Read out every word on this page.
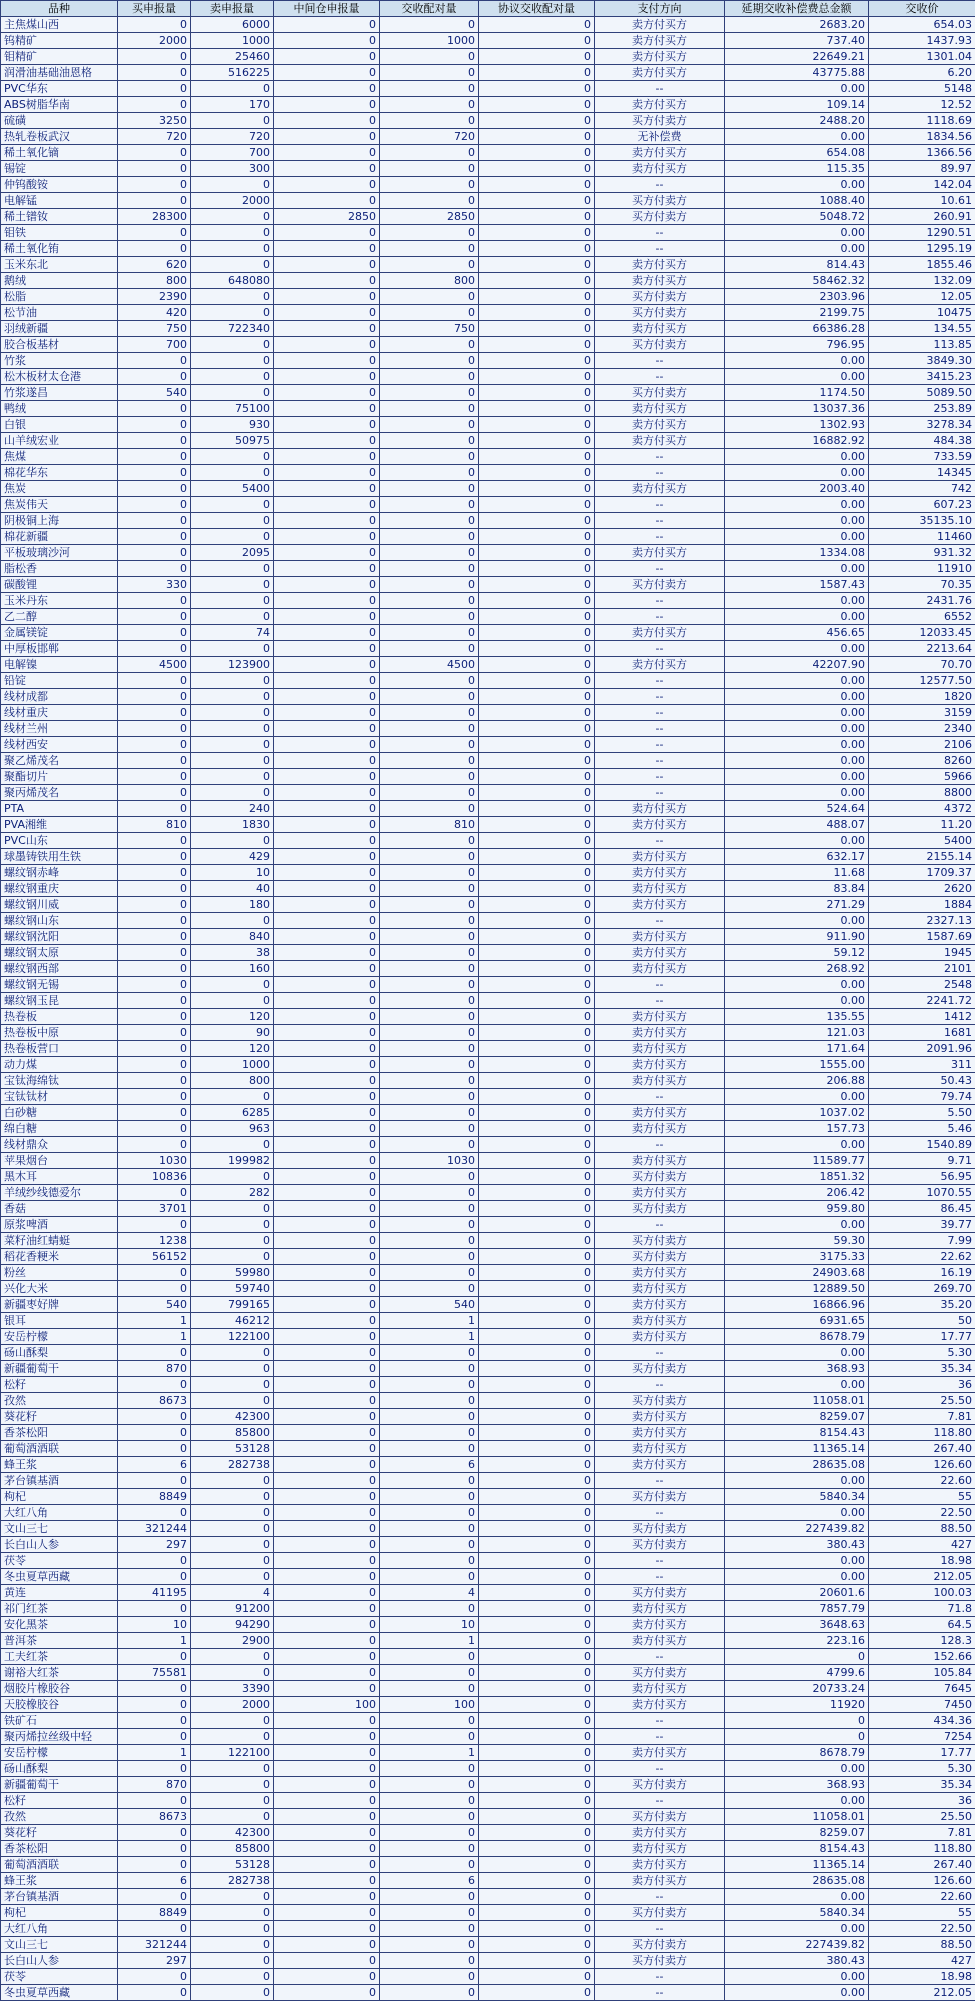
品种	买申报量	卖申报量	中间仓申报量	交收配对量	协议交收配对量	支付方向	延期交收补偿费总金额	交收价
主焦煤山西	0	6000	0	0	0	卖方付买方	2683.20	654.03
钨精矿	2000	1000	0	1000	0	卖方付买方	737.40	1437.93
钼精矿	0	25460	0	0	0	卖方付买方	22649.21	1301.04
润滑油基础油恩格	0	516225	0	0	0	卖方付买方	43775.88	6.20
PVC华东	0	0	0	0	0	--	0.00	5148
ABS树脂华南	0	170	0	0	0	卖方付买方	109.14	12.52
硫磺	3250	0	0	0	0	买方付卖方	2488.20	1118.69
热轧卷板武汉	720	720	0	720	0	无补偿费	0.00	1834.56
稀土氧化镝	0	700	0	0	0	卖方付买方	654.08	1366.56
锡锭	0	300	0	0	0	卖方付买方	115.35	89.97
仲钨酸铵	0	0	0	0	0	--	0.00	142.04
电解锰	0	2000	0	0	0	买方付卖方	1088.40	10.61
稀土镨钕	28300	0	2850	2850	0	买方付卖方	5048.72	260.91
钼铁	0	0	0	0	0	--	0.00	1290.51
稀土氧化铕	0	0	0	0	0	--	0.00	1295.19
玉米东北	620	0	0	0	0	卖方付买方	814.43	1855.46
鹅绒	800	648080	0	800	0	卖方付买方	58462.32	132.09
松脂	2390	0	0	0	0	买方付卖方	2303.96	12.05
松节油	420	0	0	0	0	买方付卖方	2199.75	10475
羽绒新疆	750	722340	0	750	0	卖方付买方	66386.28	134.55
胶合板基材	700	0	0	0	0	买方付卖方	796.95	113.85
竹浆	0	0	0	0	0	--	0.00	3849.30
松木板材太仓港	0	0	0	0	0	--	0.00	3415.23
竹浆遂昌	540	0	0	0	0	买方付卖方	1174.50	5089.50
鸭绒	0	75100	0	0	0	卖方付买方	13037.36	253.89
白银	0	930	0	0	0	卖方付买方	1302.93	3278.34
山羊绒宏业	0	50975	0	0	0	卖方付买方	16882.92	484.38
焦煤	0	0	0	0	0	--	0.00	733.59
棉花华东	0	0	0	0	0	--	0.00	14345
焦炭	0	5400	0	0	0	卖方付买方	2003.40	742
焦炭伟天	0	0	0	0	0	--	0.00	607.23
阴极铜上海	0	0	0	0	0	--	0.00	35135.10
棉花新疆	0	0	0	0	0	--	0.00	11460
平板玻璃沙河	0	2095	0	0	0	卖方付买方	1334.08	931.32
脂松香	0	0	0	0	0	--	0.00	11910
碳酸锂	330	0	0	0	0	买方付卖方	1587.43	70.35
玉米丹东	0	0	0	0	0	--	0.00	2431.76
乙二醇	0	0	0	0	0	--	0.00	6552
金属镁锭	0	74	0	0	0	卖方付买方	456.65	12033.45
中厚板邯郸	0	0	0	0	0	--	0.00	2213.64
电解镍	4500	123900	0	4500	0	卖方付买方	42207.90	70.70
铅锭	0	0	0	0	0	--	0.00	12577.50
线材成都	0	0	0	0	0	--	0.00	1820
线材重庆	0	0	0	0	0	--	0.00	3159
线材兰州	0	0	0	0	0	--	0.00	2340
线材西安	0	0	0	0	0	--	0.00	2106
聚乙烯茂名	0	0	0	0	0	--	0.00	8260
聚酯切片	0	0	0	0	0	--	0.00	5966
聚丙烯茂名	0	0	0	0	0	--	0.00	8800
PTA	0	240	0	0	0	卖方付买方	524.64	4372
PVA湘维	810	1830	0	810	0	卖方付买方	488.07	11.20
PVC山东	0	0	0	0	0	--	0.00	5400
球墨铸铁用生铁	0	429	0	0	0	卖方付买方	632.17	2155.14
螺纹钢赤峰	0	10	0	0	0	卖方付买方	11.68	1709.37
螺纹钢重庆	0	40	0	0	0	卖方付买方	83.84	2620
螺纹钢川威	0	180	0	0	0	卖方付买方	271.29	1884
螺纹钢山东	0	0	0	0	0	--	0.00	2327.13
螺纹钢沈阳	0	840	0	0	0	卖方付买方	911.90	1587.69
螺纹钢太原	0	38	0	0	0	卖方付买方	59.12	1945
螺纹钢西部	0	160	0	0	0	卖方付买方	268.92	2101
螺纹钢无锡	0	0	0	0	0	--	0.00	2548
螺纹钢玉昆	0	0	0	0	0	--	0.00	2241.72
热卷板	0	120	0	0	0	卖方付买方	135.55	1412
热卷板中原	0	90	0	0	0	卖方付买方	121.03	1681
热卷板营口	0	120	0	0	0	卖方付买方	171.64	2091.96
动力煤	0	1000	0	0	0	卖方付买方	1555.00	311
宝钛海绵钛	0	800	0	0	0	卖方付买方	206.88	50.43
宝钛钛材	0	0	0	0	0	--	0.00	79.74
白砂糖	0	6285	0	0	0	卖方付买方	1037.02	5.50
绵白糖	0	963	0	0	0	卖方付买方	157.73	5.46
线材鼎众	0	0	0	0	0	--	0.00	1540.89
苹果烟台	1030	199982	0	1030	0	卖方付买方	11589.77	9.71
黑木耳	10836	0	0	0	0	买方付卖方	1851.32	56.95
羊绒纱线德爱尔	0	282	0	0	0	卖方付买方	206.42	1070.55
香菇	3701	0	0	0	0	买方付卖方	959.80	86.45
原浆啤酒	0	0	0	0	0	--	0.00	39.77
菜籽油红蜻蜓	1238	0	0	0	0	买方付卖方	59.30	7.99
稻花香粳米	56152	0	0	0	0	买方付卖方	3175.33	22.62
粉丝	0	59980	0	0	0	卖方付买方	24903.68	16.19
兴化大米	0	59740	0	0	0	卖方付买方	12889.50	269.70
新疆枣好牌	540	799165	0	540	0	卖方付买方	16866.96	35.20
银耳	1	46212	0	1	0	卖方付买方	6931.65	50
安岳柠檬	1	122100	0	1	0	卖方付买方	8678.79	17.77
砀山酥梨	0	0	0	0	0	--	0.00	5.30
新疆葡萄干	870	0	0	0	0	买方付卖方	368.93	35.34
松籽	0	0	0	0	0	--	0.00	36
孜然	8673	0	0	0	0	买方付卖方	11058.01	25.50
葵花籽	0	42300	0	0	0	卖方付买方	8259.07	7.81
香茶松阳	0	85800	0	0	0	卖方付买方	8154.43	118.80
葡萄酒酒联	0	53128	0	0	0	卖方付买方	11365.14	267.40
蜂王浆	6	282738	0	6	0	卖方付买方	28635.08	126.60
茅台镇基酒	0	0	0	0	0	--	0.00	22.60
枸杞	8849	0	0	0	0	买方付卖方	5840.34	55
大红八角	0	0	0	0	0	--	0.00	22.50
文山三七	321244	0	0	0	0	买方付卖方	227439.82	88.50
长白山人参	297	0	0	0	0	买方付卖方	380.43	427
茯苓	0	0	0	0	0	--	0.00	18.98
冬虫夏草西藏	0	0	0	0	0	--	0.00	212.05
黄连	41195	4	0	4	0	买方付卖方	20601.6	100.03
祁门红茶	0	91200	0	0	0	卖方付买方	7857.79	71.8
安化黑茶	10	94290	0	10	0	卖方付买方	3648.63	64.5
普洱茶	1	2900	0	1	0	卖方付买方	223.16	128.3
工夫红茶	0	0	0	0	0	--	0	152.66
谢裕大红茶	75581	0	0	0	0	买方付卖方	4799.6	105.84
烟胶片橡胶谷	0	3390	0	0	0	卖方付买方	20733.24	7645
天胶橡胶谷	0	2000	100	100	0	卖方付买方	11920	7450
铁矿石	0	0	0	0	0	--	0	434.36
聚丙烯拉丝级中轻	0	0	0	0	0	--	0	7254
安岳柠檬	1	122100	0	1	0	卖方付买方	8678.79	17.77
砀山酥梨	0	0	0	0	0	--	0.00	5.30
新疆葡萄干	870	0	0	0	0	买方付卖方	368.93	35.34
松籽	0	0	0	0	0	--	0.00	36
孜然	8673	0	0	0	0	买方付卖方	11058.01	25.50
葵花籽	0	42300	0	0	0	卖方付买方	8259.07	7.81
香茶松阳	0	85800	0	0	0	卖方付买方	8154.43	118.80
葡萄酒酒联	0	53128	0	0	0	卖方付买方	11365.14	267.40
蜂王浆	6	282738	0	6	0	卖方付买方	28635.08	126.60
茅台镇基酒	0	0	0	0	0	--	0.00	22.60
枸杞	8849	0	0	0	0	买方付卖方	5840.34	55
大红八角	0	0	0	0	0	--	0.00	22.50
文山三七	321244	0	0	0	0	买方付卖方	227439.82	88.50
长白山人参	297	0	0	0	0	买方付卖方	380.43	427
茯苓	0	0	0	0	0	--	0.00	18.98
冬虫夏草西藏	0	0	0	0	0	--	0.00	212.05
